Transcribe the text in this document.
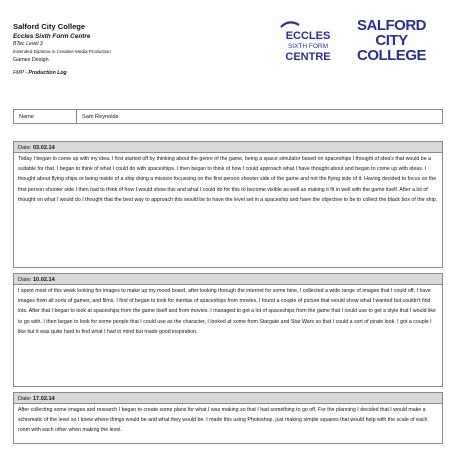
Salford City College
Eccles Sixth Form Centre
BTec Level 3
Extended Diploma in Creative Media Production
Games Design
FMP - Production Log
ECCLES
SIXTH FORM
CENTRE
SALFORD
CITY
COLLEGE
Name	Sam Reynolds
Date: 03.02.14
Today I began to come up with my idea. I first started off by thinking about the genre of the game, being a space simulator based on spaceships I thought of idea's that would be a suitable for that. I began to think of what I could do with spaceships. I then began to think of how I could approach what I have thought about and began to come up with ideas. I thought about flying ships or being inside of a ship doing a mission focussing on the first person shooter side of the game and not the flying side of it. Having decided to focus on the first person shooter side I then had to think of how I would show this and what I could do for this to become visible as well as making it fit in well with the game itself. After a lot of thought on what I would do I thought that the best way to approach this would be to have the level set in a spaceship and have the objective to be to collect the black box of the ship.
Date: 10.02.14
I spent most of this week looking for images to make up my mood board, after looking through the internet for some time, I collected a wide range of images that I could off, I have images from all sorts of games, and films. I first of began to look for inertias of spaceships from movies, I found a couple of picture that would show what I wanted but couldn't find lots. After that I began to look at spaceships from the game itself and from movies. I managed to get a lot of spaceships from the game that I could use to get a style that I would like to go with. I then began to look for some people that I could use as the character, I looked at some from Stargate and Star Wars so that I could a sort of pirate look, I got a couple I like but it was quite hard to find what I had in mind but made good inspiration.
Date: 17.02.14
After collecting some images and research I began to create some plans for what I was making so that I had something to go off. For the planning I decided that I would make a schismatic of the level so I knew where things would be and what they would be. I made this using Photoshop, just making simple squares that would help with the scale of each room with each other when making the level.
